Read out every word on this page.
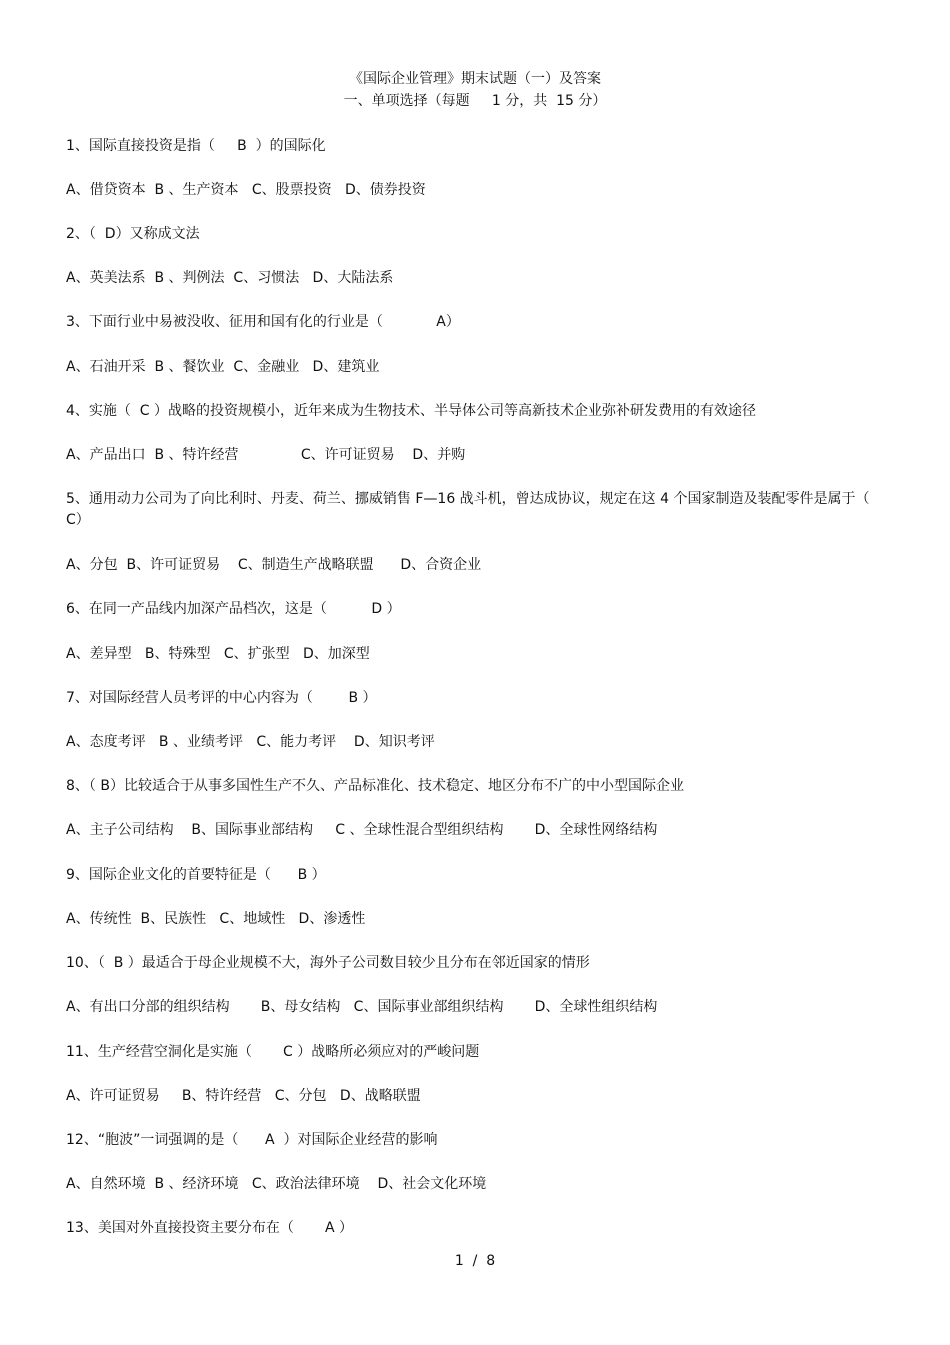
《国际企业管理》期末试题（一）及答案
一、单项选择（每题     1 分，共  15 分）
1、国际直接投资是指（     B  ）的国际化
A、借贷资本  B 、生产资本   C、股票投资   D、债券投资
2、（  D）又称成文法
A、英美法系  B 、判例法  C、习惯法   D、大陆法系
3、下面行业中易被没收、征用和国有化的行业是（            A）
A、石油开采  B 、餐饮业  C、金融业   D、建筑业
4、实施（  C ）战略的投资规模小，近年来成为生物技术、半导体公司等高新技术企业弥补研发费用的有效途径
A、产品出口  B 、特许经营              C、许可证贸易    D、并购
5、通用动力公司为了向比利时、丹麦、荷兰、挪威销售 F—16 战斗机，曾达成协议，规定在这 4 个国家制造及装配零件是属于（ C）
A、分包  B、许可证贸易    C、制造生产战略联盟      D、合资企业
6、在同一产品线内加深产品档次，这是（          D ）
A、差异型   B、特殊型   C、扩张型   D、加深型
7、对国际经营人员考评的中心内容为（        B ）
A、态度考评   B 、业绩考评   C、能力考评    D、知识考评
8、（ B）比较适合于从事多国性生产不久、产品标准化、技术稳定、地区分布不广的中小型国际企业
A、主子公司结构    B、国际事业部结构     C 、全球性混合型组织结构       D、全球性网络结构
9、国际企业文化的首要特征是（      B ）
A、传统性  B、民族性   C、地域性   D、渗透性
10、（  B ）最适合于母企业规模不大，海外子公司数目较少且分布在邻近国家的情形
A、有出口分部的组织结构       B、母女结构   C、国际事业部组织结构       D、全球性组织结构
11、生产经营空洞化是实施（       C ）战略所必须应对的严峻问题
A、许可证贸易     B、特许经营   C、分包   D、战略联盟
12、“胞波”一词强调的是（      A  ）对国际企业经营的影响
A、自然环境  B 、经济环境   C、政治法律环境    D、社会文化环境
13、美国对外直接投资主要分布在（       A ）
1  /  8
